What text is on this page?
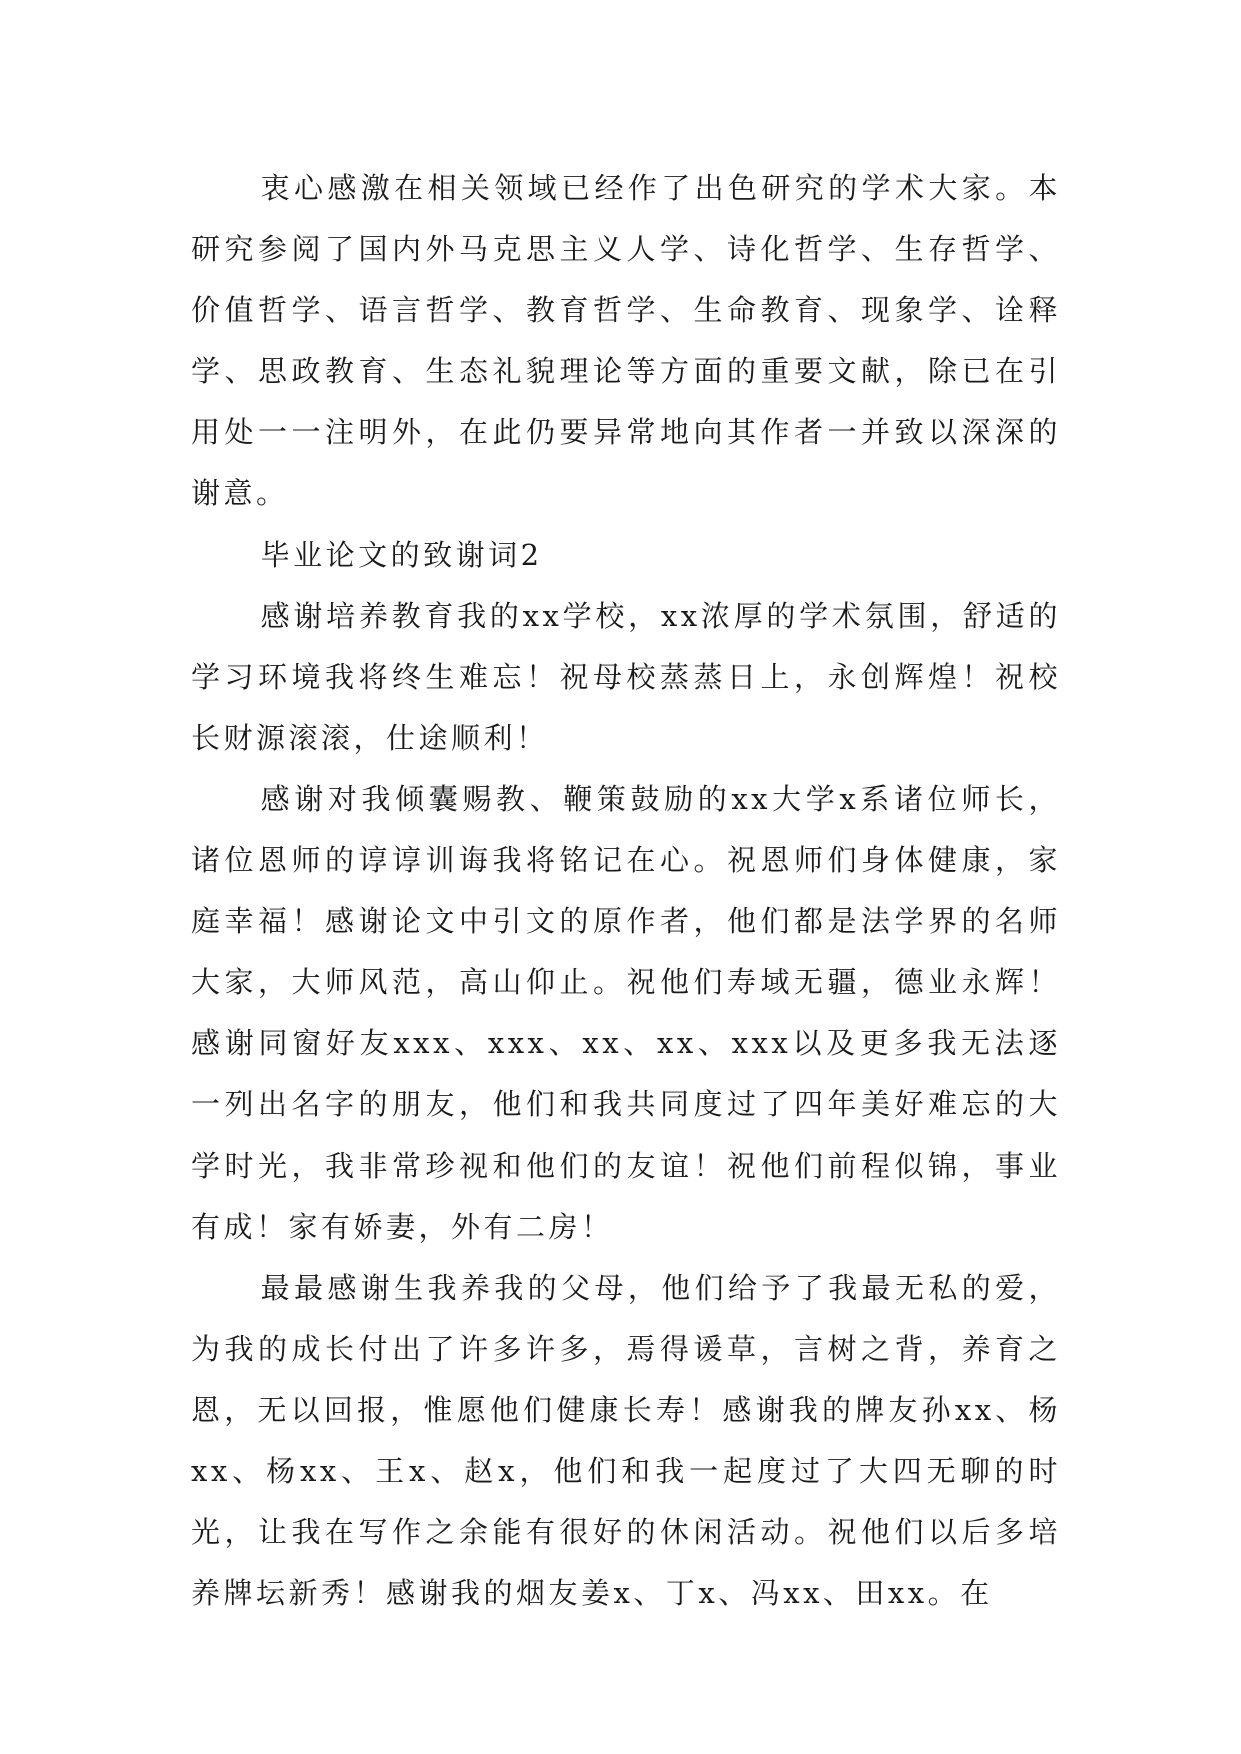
衷心感激在相关领域已经作了出色研究的学术大家。本研究参阅了国内外马克思主义人学、诗化哲学、生存哲学、价值哲学、语言哲学、教育哲学、生命教育、现象学、诠释学、思政教育、生态礼貌理论等方面的重要文献，除已在引用处一一注明外，在此仍要异常地向其作者一并致以深深的谢意。

毕业论文的致谢词2

感谢培养教育我的xx学校，xx浓厚的学术氛围，舒适的学习环境我将终生难忘！祝母校蒸蒸日上，永创辉煌！祝校长财源滚滚，仕途顺利！

感谢对我倾囊赐教、鞭策鼓励的xx大学x系诸位师长，诸位恩师的谆谆训诲我将铭记在心。祝恩师们身体健康，家庭幸福！感谢论文中引文的原作者，他们都是法学界的名师大家，大师风范，高山仰止。祝他们寿域无疆，德业永辉！感谢同窗好友xxx、xxx、xx、xx、xxx以及更多我无法逐一列出名字的朋友，他们和我共同度过了四年美好难忘的大学时光，我非常珍视和他们的友谊！祝他们前程似锦，事业有成！家有娇妻，外有二房！

最最感谢生我养我的父母，他们给予了我最无私的爱，为我的成长付出了许多许多，焉得谖草，言树之背，养育之恩，无以回报，惟愿他们健康长寿！感谢我的牌友孙xx、杨xx、杨xx、王x、赵x，他们和我一起度过了大四无聊的时光，让我在写作之余能有很好的休闲活动。祝他们以后多培养牌坛新秀！感谢我的烟友姜x、丁x、冯xx、田xx。在
